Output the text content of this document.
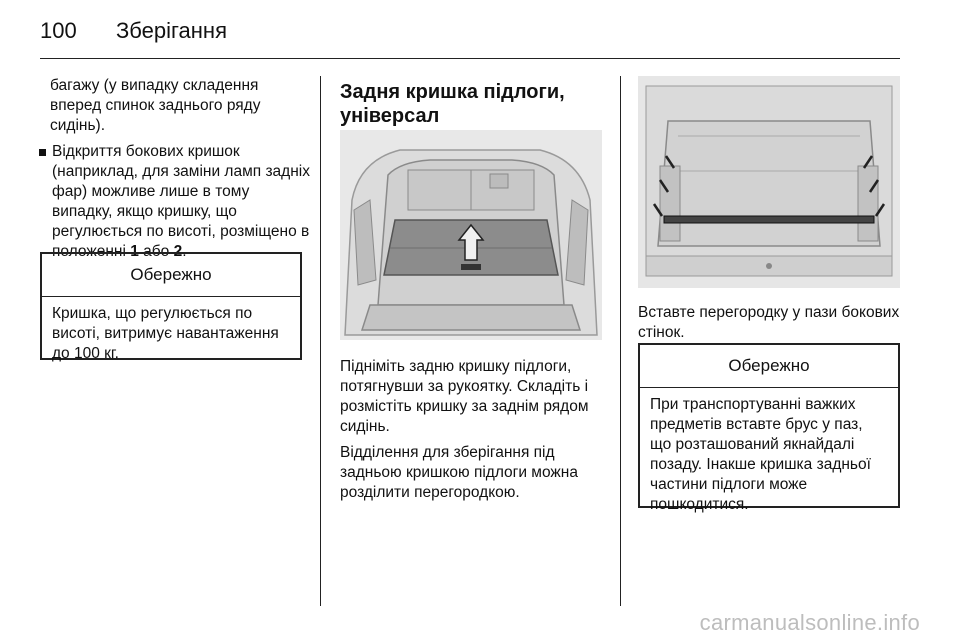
100 Зберігання

багажу (у випадку складення вперед спинок заднього ряду сидінь).

Відкриття бокових кришок (наприклад, для заміни ламп задніх фар) можливе лише в тому випадку, якщо кришку, що регулюється по висоті, розміщено в положенні 1 або 2.

Обережно
Кришка, що регулюється по висоті, витримує навантаження до 100 кг.
Задня кришка підлоги, універсал

Підніміть задню кришку підлоги, потягнувши за рукоятку. Складіть і розмістіть кришку за заднім рядом сидінь.

Відділення для зберігання під задньою кришкою підлоги можна розділити перегородкою.

Вставте перегородку у пази бокових стінок.

Обережно
При транспортуванні важких предметів вставте брус у паз, що розташований якнайдалі позаду. Інакше кришка задньої частини підлоги може пошкодитися.
carmanualsonline.info
